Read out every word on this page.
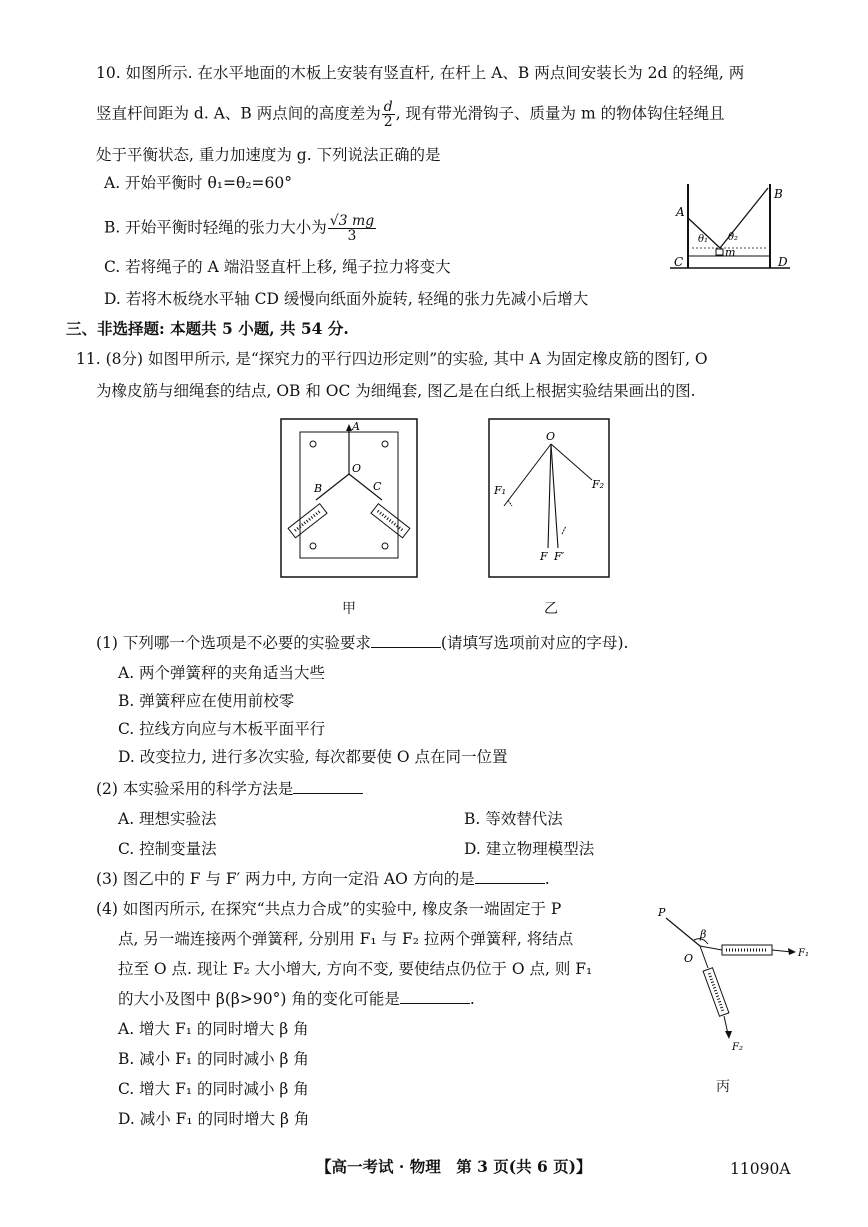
10. 如图所示. 在水平地面的木板上安装有竖直杆, 在杆上 A、B 两点间安装长为 2d 的轻绳, 两
竖直杆间距为 d. A、B 两点间的高度差为 $\frac{d}{2}$ , 现有带光滑钩子、质量为 m 的物体钩住轻绳且
处于平衡状态, 重力加速度为 g. 下列说法正确的是
A. 开始平衡时 θ₁=θ₂=60°
B. 开始平衡时轻绳的张力大小为 $\frac{√3 mg}{3}$
C. 若将绳子的 A 端沿竖直杆上移, 绳子拉力将变大
D. 若将木板绕水平轴 CD 缓慢向纸面外旋转, 轻绳的张力先减小后增大
A
B
C	D
θ₁ θ₂
m
三、非选择题: 本题共 5 小题, 共 54 分.
11. (8分) 如图甲所示, 是“探究力的平行四边形定则”的实验, 其中 A 为固定橡皮筋的图钉, O
为橡皮筋与细绳套的结点, OB 和 OC 为细绳套, 图乙是在白纸上根据实验结果画出的图.
A
O
B	C
甲
O
F₁	F₂
F F′
乙
(1) 下列哪一个选项是不必要的实验要求	(请填写选项前对应的字母).
A. 两个弹簧秤的夹角适当大些
B. 弹簧秤应在使用前校零
C. 拉线方向应与木板平面平行
D. 改变拉力, 进行多次实验, 每次都要使 O 点在同一位置
(2) 本实验采用的科学方法是
A. 理想实验法	B. 等效替代法
C. 控制变量法	D. 建立物理模型法
(3) 图乙中的 F 与 F′ 两力中, 方向一定沿 AO 方向的是	.
(4) 如图丙所示, 在探究“共点力合成”的实验中, 橡皮条一端固定于 P
点, 另一端连接两个弹簧秤, 分别用 F₁ 与 F₂ 拉两个弹簧秤, 将结点
拉至 O 点. 现让 F₂ 大小增大, 方向不变, 要使结点仍位于 O 点, 则 F₁
的大小及图中 β(β>90°) 角的变化可能是	.
A. 增大 F₁ 的同时增大 β 角
B. 减小 F₁ 的同时减小 β 角
C. 增大 F₁ 的同时减小 β 角
D. 减小 F₁ 的同时增大 β 角
P
β
O	F₁
F₂
丙
【高一考试 · 物理　第 3 页(共 6 页)】	11090A
